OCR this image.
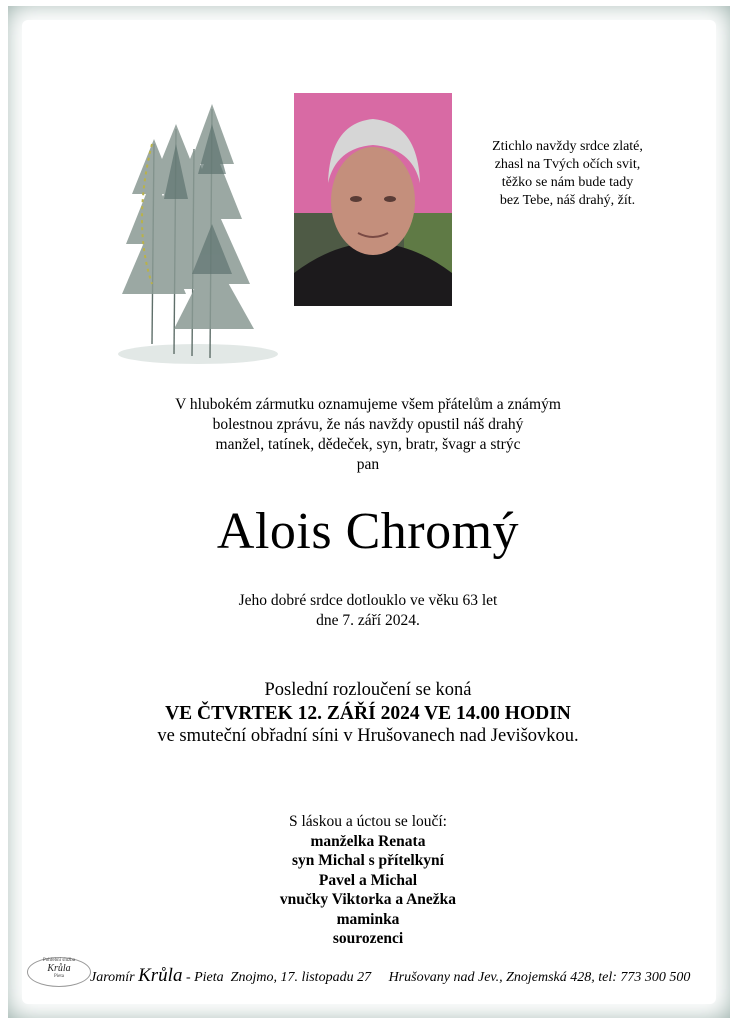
Ztichlo navždy srdce zlaté,
zhasl na Tvých očích svit,
těžko se nám bude tady
bez Tebe, náš drahý, žít.
V hlubokém zármutku oznamujeme všem přátelům a známým
bolestnou zprávu, že nás navždy opustil náš drahý
manžel, tatínek, dědeček, syn, bratr, švagr a strýc
pan
Alois Chromý
Jeho dobré srdce dotlouklo ve věku 63 let
dne 7. září 2024.
Poslední rozloučení se koná
VE ČTVRTEK 12. ZÁŘÍ 2024 VE 14.00 HODIN
ve smuteční obřadní síni v Hrušovanech nad Jevišovkou.
S láskou a úctou se loučí:
manželka Renata
syn Michal s přítelkyní
Pavel a Michal
vnučky Viktorka a Anežka
maminka
sourozenci
Pohřební služba
Krůla
Pieta	Jaromír Krůla - Pieta  Znojmo, 17. listopadu 27     Hrušovany nad Jev., Znojemská 428, tel: 773 300 500
